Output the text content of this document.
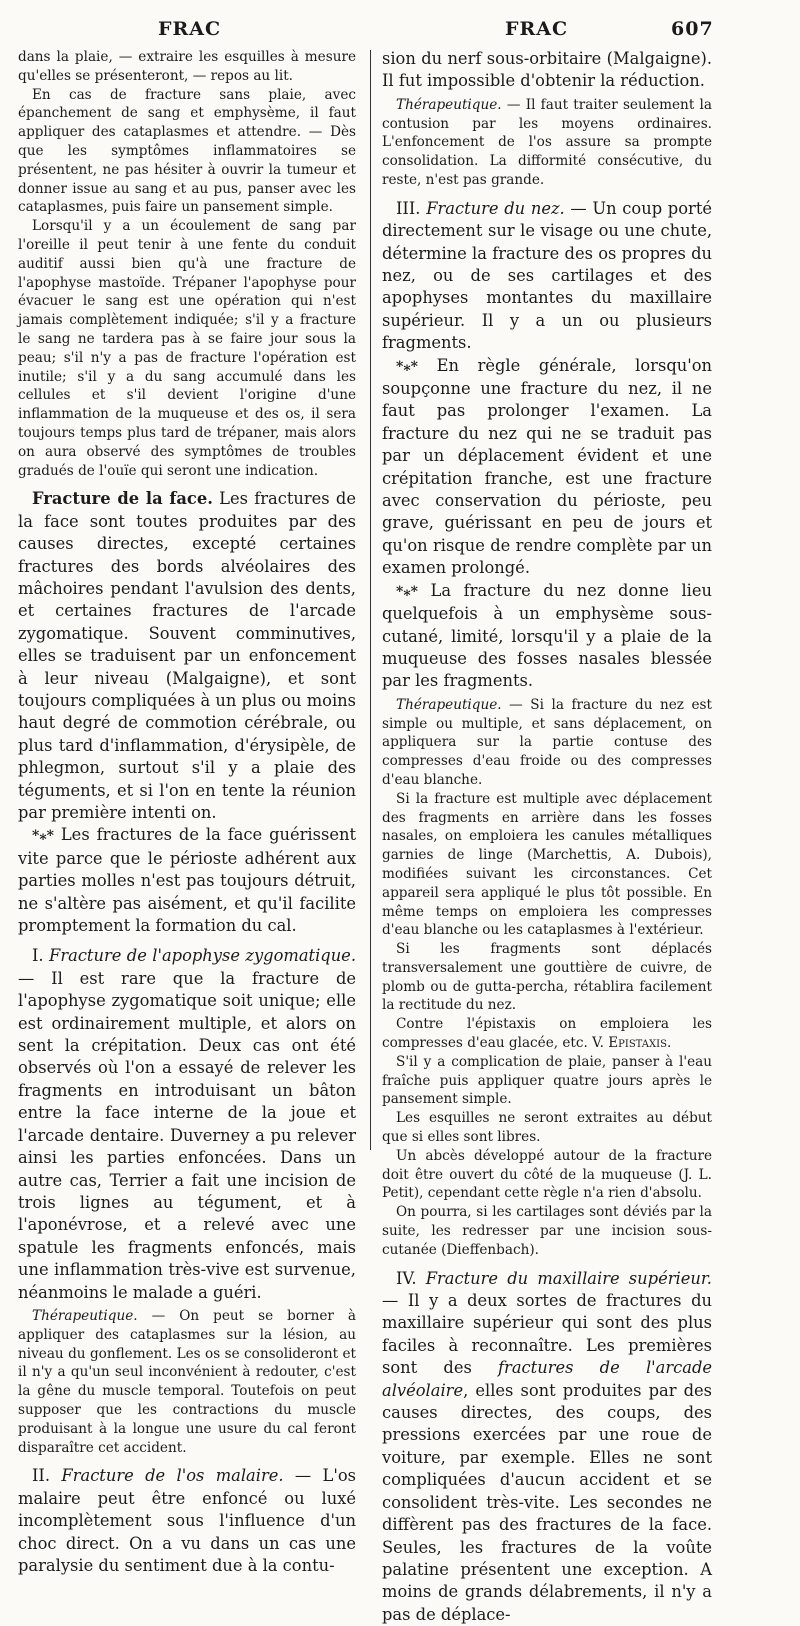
FRAC	FRAC	607

dans la plaie, — extraire les esquilles à mesure qu'elles se présenteront, — repos au lit.

En cas de fracture sans plaie, avec épanchement de sang et emphysème, il faut appliquer des cataplasmes et attendre. — Dès que les symptômes inflammatoires se présentent, ne pas hésiter à ouvrir la tumeur et donner issue au sang et au pus, panser avec les cataplasmes, puis faire un pansement simple.

Lorsqu'il y a un écoulement de sang par l'oreille il peut tenir à une fente du conduit auditif aussi bien qu'à une fracture de l'apophyse mastoïde. Trépaner l'apophyse pour évacuer le sang est une opération qui n'est jamais complètement indiquée; s'il y a fracture le sang ne tardera pas à se faire jour sous la peau; s'il n'y a pas de fracture l'opération est inutile; s'il y a du sang accumulé dans les cellules et s'il devient l'origine d'une inflammation de la muqueuse et des os, il sera toujours temps plus tard de trépaner, mais alors on aura observé des symptômes de troubles gradués de l'ouïe qui seront une indication.

Fracture de la face. Les fractures de la face sont toutes produites par des causes directes, excepté certaines fractures des bords alvéolaires des mâchoires pendant l'avulsion des dents, et certaines fractures de l'arcade zygomatique. Souvent comminutives, elles se traduisent par un enfoncement à leur niveau (Malgaigne), et sont toujours compliquées à un plus ou moins haut degré de commotion cérébrale, ou plus tard d'inflammation, d'érysipèle, de phlegmon, surtout s'il y a plaie des téguments, et si l'on en tente la réunion par première intenti on.

*⁎* Les fractures de la face guérissent vite parce que le périoste adhérent aux parties molles n'est pas toujours détruit, ne s'altère pas aisément, et qu'il facilite promptement la formation du cal.

I. Fracture de l'apophyse zygomatique. — Il est rare que la fracture de l'apophyse zygomatique soit unique; elle est ordinairement multiple, et alors on sent la crépitation. Deux cas ont été observés où l'on a essayé de relever les fragments en introduisant un bâton entre la face interne de la joue et l'arcade dentaire. Duverney a pu relever ainsi les parties enfoncées. Dans un autre cas, Terrier a fait une incision de trois lignes au tégument, et à l'aponévrose, et a relevé avec une spatule les fragments enfoncés, mais une inflammation très-vive est survenue, néanmoins le malade a guéri.

Thérapeutique. — On peut se borner à appliquer des cataplasmes sur la lésion, au niveau du gonflement. Les os se consolideront et il n'y a qu'un seul inconvénient à redouter, c'est la gêne du muscle temporal. Toutefois on peut supposer que les contractions du muscle produisant à la longue une usure du cal feront disparaître cet accident.

II. Fracture de l'os malaire. — L'os malaire peut être enfoncé ou luxé incomplètement sous l'influence d'un choc direct. On a vu dans un cas une paralysie du sentiment due à la contu-

sion du nerf sous-orbitaire (Malgaigne). Il fut impossible d'obtenir la réduction.

Thérapeutique. — Il faut traiter seulement la contusion par les moyens ordinaires. L'enfoncement de l'os assure sa prompte consolidation. La difformité consécutive, du reste, n'est pas grande.

III. Fracture du nez. — Un coup porté directement sur le visage ou une chute, détermine la fracture des os propres du nez, ou de ses cartilages et des apophyses montantes du maxillaire supérieur. Il y a un ou plusieurs fragments.

*⁎* En règle générale, lorsqu'on soupçonne une fracture du nez, il ne faut pas prolonger l'examen. La fracture du nez qui ne se traduit pas par un déplacement évident et une crépitation franche, est une fracture avec conservation du périoste, peu grave, guérissant en peu de jours et qu'on risque de rendre complète par un examen prolongé.

*⁎* La fracture du nez donne lieu quelquefois à un emphysème sous-cutané, limité, lorsqu'il y a plaie de la muqueuse des fosses nasales blessée par les fragments.

Thérapeutique. — Si la fracture du nez est simple ou multiple, et sans déplacement, on appliquera sur la partie contuse des compresses d'eau froide ou des compresses d'eau blanche.

Si la fracture est multiple avec déplacement des fragments en arrière dans les fosses nasales, on emploiera les canules métalliques garnies de linge (Marchettis, A. Dubois), modifiées suivant les circonstances. Cet appareil sera appliqué le plus tôt possible. En même temps on emploiera les compresses d'eau blanche ou les cataplasmes à l'extérieur.

Si les fragments sont déplacés transversalement une gouttière de cuivre, de plomb ou de gutta-percha, rétablira facilement la rectitude du nez.

Contre l'épistaxis on emploiera les compresses d'eau glacée, etc. V. Epistaxis.

S'il y a complication de plaie, panser à l'eau fraîche puis appliquer quatre jours après le pansement simple.

Les esquilles ne seront extraites au début que si elles sont libres.

Un abcès développé autour de la fracture doit être ouvert du côté de la muqueuse (J. L. Petit), cependant cette règle n'a rien d'absolu.

On pourra, si les cartilages sont déviés par la suite, les redresser par une incision sous-cutanée (Dieffenbach).

IV. Fracture du maxillaire supérieur. — Il y a deux sortes de fractures du maxillaire supérieur qui sont des plus faciles à reconnaître. Les premières sont des fractures de l'arcade alvéolaire, elles sont produites par des causes directes, des coups, des pressions exercées par une roue de voiture, par exemple. Elles ne sont compliquées d'aucun accident et se consolident très-vite. Les secondes ne diffèrent pas des fractures de la face. Seules, les fractures de la voûte palatine présentent une exception. A moins de grands délabrements, il n'y a pas de déplace-
